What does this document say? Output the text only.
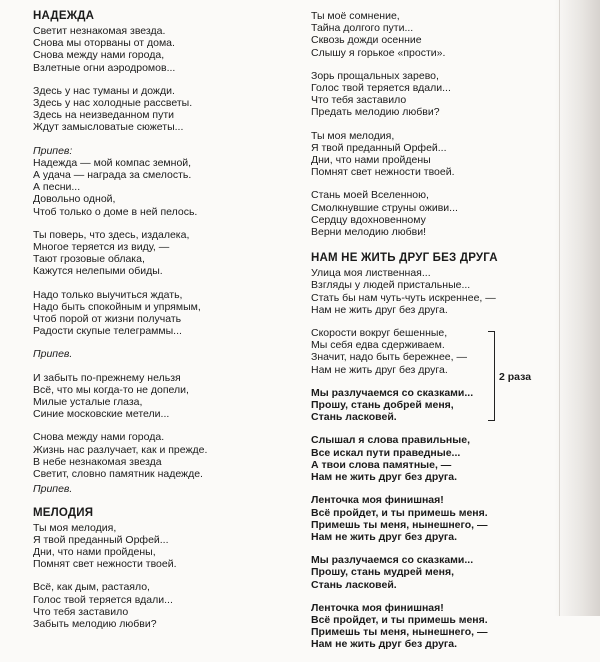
НАДЕЖДА
Светит незнакомая звезда.
Снова мы оторваны от дома.
Снова между нами города,
Взлетные огни аэродромов...
Здесь у нас туманы и дожди.
Здесь у нас холодные рассветы.
Здесь на неизведанном пути
Ждут замысловатые сюжеты...
Припев:
Надежда — мой компас земной,
А удача — награда за смелость.
А песни...
Довольно одной,
Чтоб только о доме в ней пелось.
Ты поверь, что здесь, издалека,
Многое теряется из виду, —
Тают грозовые облака,
Кажутся нелепыми обиды.
Надо только выучиться ждать,
Надо быть спокойным и упрямым,
Чтоб порой от жизни получать
Радости скупые телеграммы...
Припев.
И забыть по-прежнему нельзя
Всё, что мы когда-то не допели,
Милые усталые глаза,
Синие московские метели...
Снова между нами города.
Жизнь нас разлучает, как и прежде.
В небе незнакомая звезда
Светит, словно памятник надежде.
Припев.
МЕЛОДИЯ
Ты моя мелодия,
Я твой преданный Орфей...
Дни, что нами пройдены,
Помнят свет нежности твоей.
Всё, как дым, растаяло,
Голос твой теряется вдали...
Что тебя заставило
Забыть мелодию любви?
Ты моё сомнение,
Тайна долгого пути...
Сквозь дожди осенние
Слышу я горькое «прости».
Зорь прощальных зарево,
Голос твой теряется вдали...
Что тебя заставило
Предать мелодию любви?
Ты моя мелодия,
Я твой преданный Орфей...
Дни, что нами пройдены
Помнят свет нежности твоей.
Стань моей Вселенною,
Смолкнувшие струны оживи...
Сердцу вдохновенному
Верни мелодию любви!
НАМ НЕ ЖИТЬ ДРУГ БЕЗ ДРУГА
Улица моя лиственная...
Взгляды у людей пристальные...
Стать бы нам чуть-чуть искреннее, —
Нам не жить друг без друга.
Скорости вокруг бешенные,
Мы себя едва сдерживаем.
Значит, надо быть бережнее, —
Нам не жить друг без друга.
Мы разлучаемся со сказками...
Прошу, стань добрей меня,
Стань ласковей.
Слышал я слова правильные,
Все искал пути праведные...
А твои слова памятные, —
Нам не жить друг без друга.
Ленточка моя финишная!
Всё пройдет, и ты примешь меня.
Примешь ты меня, нынешнего, —
Нам не жить друг без друга.
Мы разлучаемся со сказками...
Прошу, стань мудрей меня,
Стань ласковей.
Ленточка моя финишная!
Всё пройдет, и ты примешь меня.
Примешь ты меня, нынешнего, —
Нам не жить друг без друга.
2 раза
